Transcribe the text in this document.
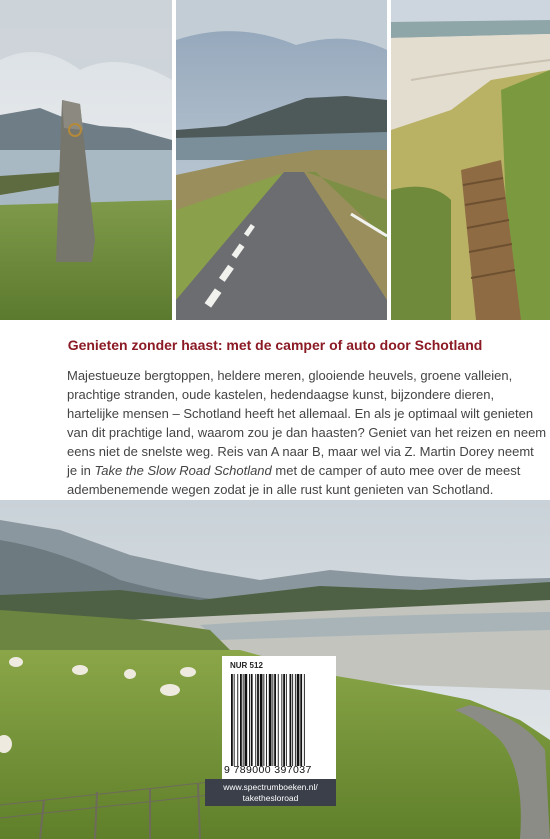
Genieten zonder haast: met de camper of auto door Schotland

Majestueuze bergtoppen, heldere meren, glooiende heuvels, groene valleien,

prachtige stranden, oude kastelen, hedendaagse kunst, bijzondere dieren,

hartelijke mensen – Schotland heeft het allemaal. En als je optimaal wilt genieten

van dit prachtige land, waarom zou je dan haasten? Geniet van het reizen en neem

eens niet de snelste weg. Reis van A naar B, maar wel via Z. Martin Dorey neemt

je in Take the Slow Road Schotland met de camper of auto mee over de meest

adembenemende wegen zodat je in alle rust kunt genieten van Schotland.

NUR 512
9 789000 397037
www.spectrumboeken.nl/
takethesloroad
